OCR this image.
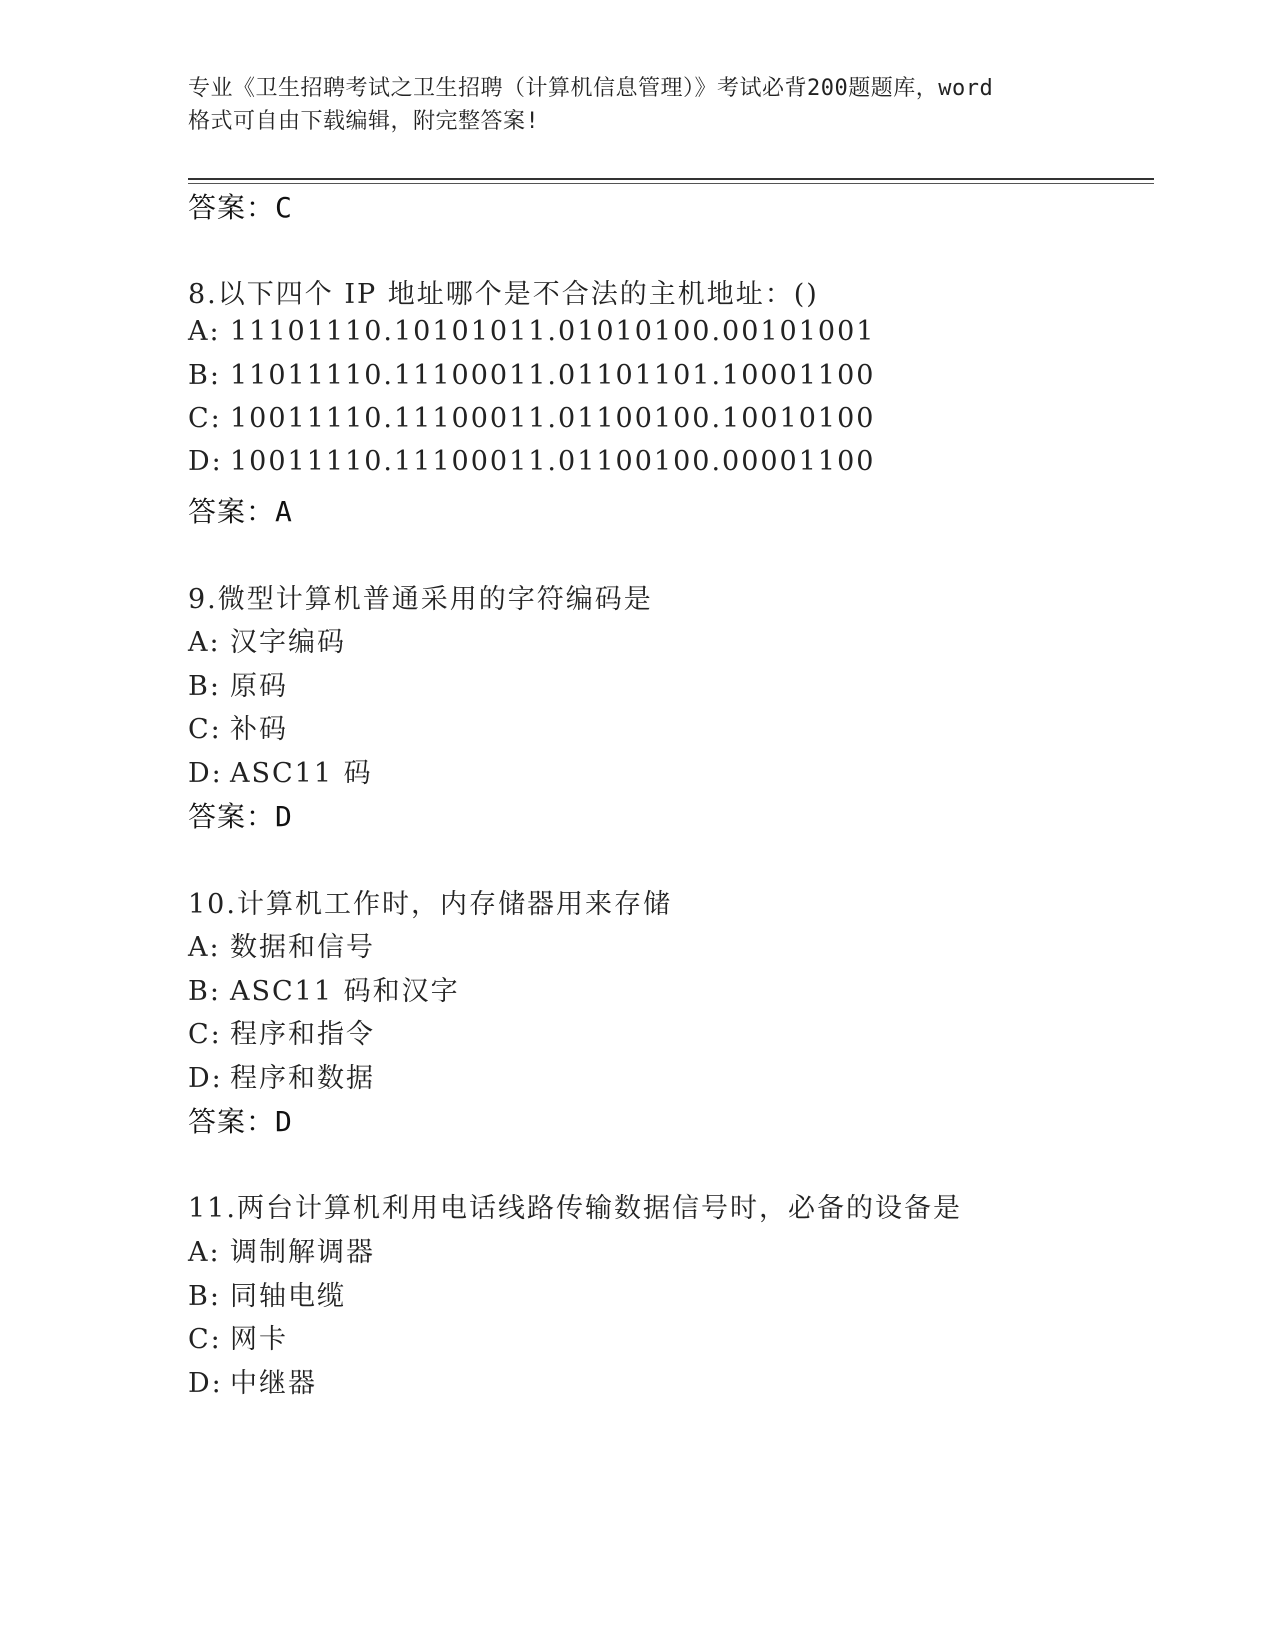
专业《卫生招聘考试之卫生招聘（计算机信息管理）》考试必背200题题库，word
格式可自由下载编辑，附完整答案!
答案：C
8.以下四个 IP 地址哪个是不合法的主机地址：()
A: 11101110.10101011.01010100.00101001
B: 11011110.11100011.01101101.10001100
C: 10011110.11100011.01100100.10010100
D: 10011110.11100011.01100100.00001100
答案：A
9.微型计算机普通采用的字符编码是
A: 汉字编码
B: 原码
C: 补码
D: ASC11 码
答案：D
10.计算机工作时，内存储器用来存储
A: 数据和信号
B: ASC11 码和汉字
C: 程序和指令
D: 程序和数据
答案：D
11.两台计算机利用电话线路传输数据信号时，必备的设备是
A: 调制解调器
B: 同轴电缆
C: 网卡
D: 中继器
